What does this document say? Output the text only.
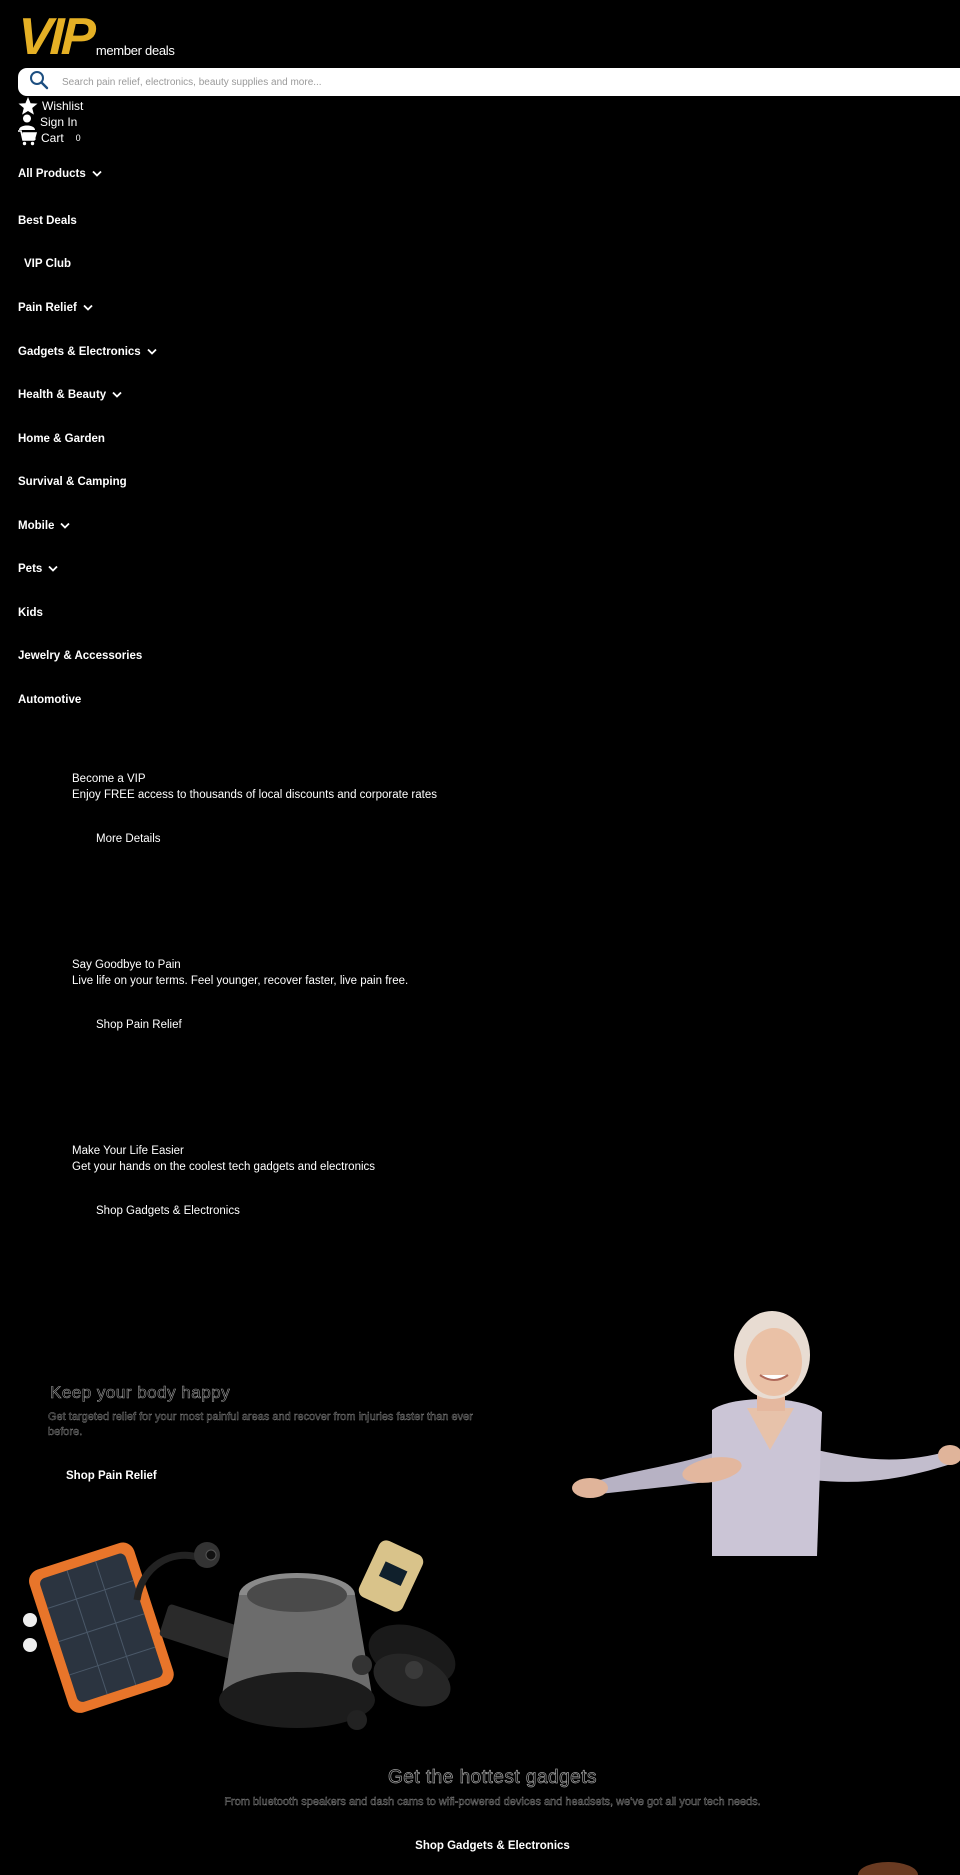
VIP member deals
Search pain relief, electronics, beauty supplies and more...
Wishlist
Sign In
Cart 0
All Products
Best Deals
VIP Club
Pain Relief
Gadgets & Electronics
Health & Beauty
Home & Garden
Survival & Camping
Mobile
Pets
Kids
Jewelry & Accessories
Automotive
Become a VIP
Enjoy FREE access to thousands of local discounts and corporate rates
More Details
Say Goodbye to Pain
Live life on your terms. Feel younger, recover faster, live pain free.
Shop Pain Relief
Make Your Life Easier
Get your hands on the coolest tech gadgets and electronics
Shop Gadgets & Electronics
Keep your body happy
Get targeted relief for your most painful areas and recover from injuries faster than ever before.
Shop Pain Relief
Get the hottest gadgets
From bluetooth speakers and dash cams to wifi-powered devices and headsets, we've got all your tech needs.
Shop Gadgets & Electronics
